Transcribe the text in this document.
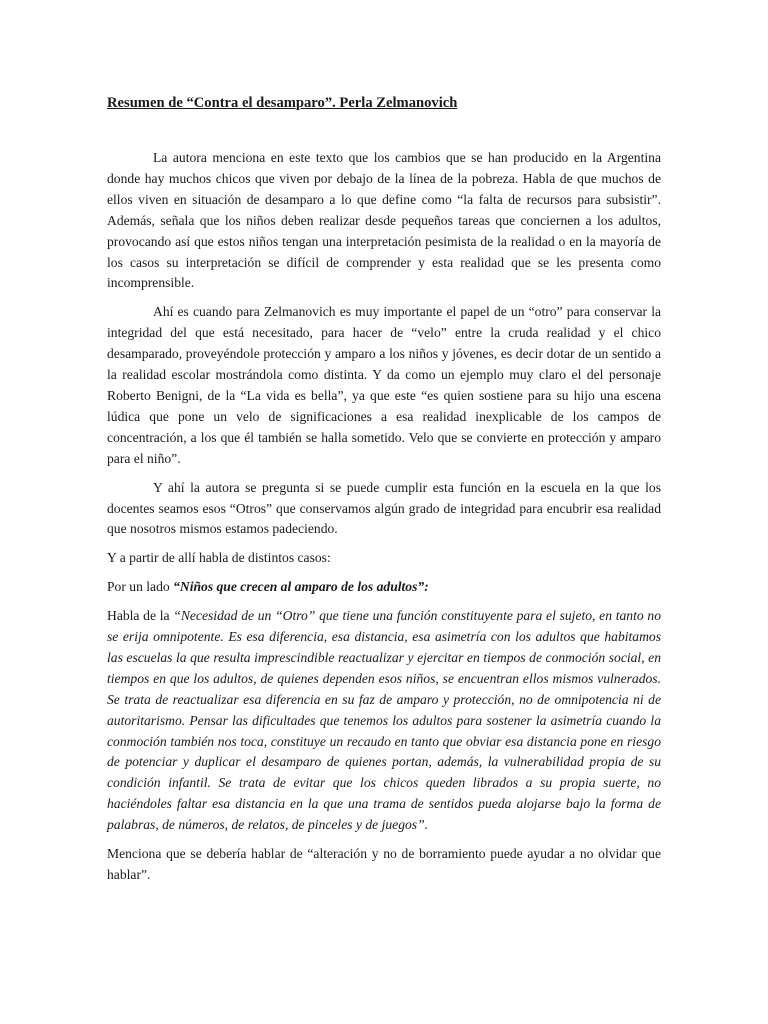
Resumen de “Contra el desamparo”. Perla Zelmanovich

La autora menciona en este texto que los cambios que se han producido en la Argentina donde hay muchos chicos que viven por debajo de la línea de la pobreza. Habla de que muchos de ellos viven en situación de desamparo a lo que define como “la falta de recursos para subsistir”. Además, señala que los niños deben realizar desde pequeños tareas que conciernen a los adultos, provocando así que estos niños tengan una interpretación pesimista de la realidad o en la mayoría de los casos su interpretación se difícil de comprender y esta realidad que se les presenta como incomprensible.

Ahí es cuando para Zelmanovich es muy importante el papel de un “otro” para conservar la integridad del que está necesitado, para hacer de “velo” entre la cruda realidad y el chico desamparado, proveyéndole protección y amparo a los niños y jóvenes, es decir dotar de un sentido a la realidad escolar mostrándola como distinta. Y da como un ejemplo muy claro el del personaje Roberto Benigni, de la “La vida es bella”, ya que este “es quien sostiene para su hijo una escena lúdica que pone un velo de significaciones a esa realidad inexplicable de los campos de concentración, a los que él también se halla sometido. Velo que se convierte en protección y amparo para el niño”.

Y ahí la autora se pregunta si se puede cumplir esta función en la escuela en la que los docentes seamos esos “Otros” que conservamos algún grado de integridad para encubrir esa realidad que nosotros mismos estamos padeciendo.

Y a partir de allí habla de distintos casos:

Por un lado “Niños que crecen al amparo de los adultos”:

Habla de la “Necesidad de un “Otro” que tiene una función constituyente para el sujeto, en tanto no se erija omnipotente. Es esa diferencia, esa distancia, esa asimetría con los adultos que habitamos las escuelas la que resulta imprescindible reactualizar y ejercitar en tiempos de conmoción social, en tiempos en que los adultos, de quienes dependen esos niños, se encuentran ellos mismos vulnerados. Se trata de reactualizar esa diferencia en su faz de amparo y protección, no de omnipotencia ni de autoritarismo. Pensar las dificultades que tenemos los adultos para sostener la asimetría cuando la conmoción también nos toca, constituye un recaudo en tanto que obviar esa distancia pone en riesgo de potenciar y duplicar el desamparo de quienes portan, además, la vulnerabilidad propia de su condición infantil. Se trata de evitar que los chicos queden librados a su propia suerte, no haciéndoles faltar esa distancia en la que una trama de sentidos pueda alojarse bajo la forma de palabras, de números, de relatos, de pinceles y de juegos”.

Menciona que se debería hablar de “alteración y no de borramiento puede ayudar a no olvidar que hablar”.
